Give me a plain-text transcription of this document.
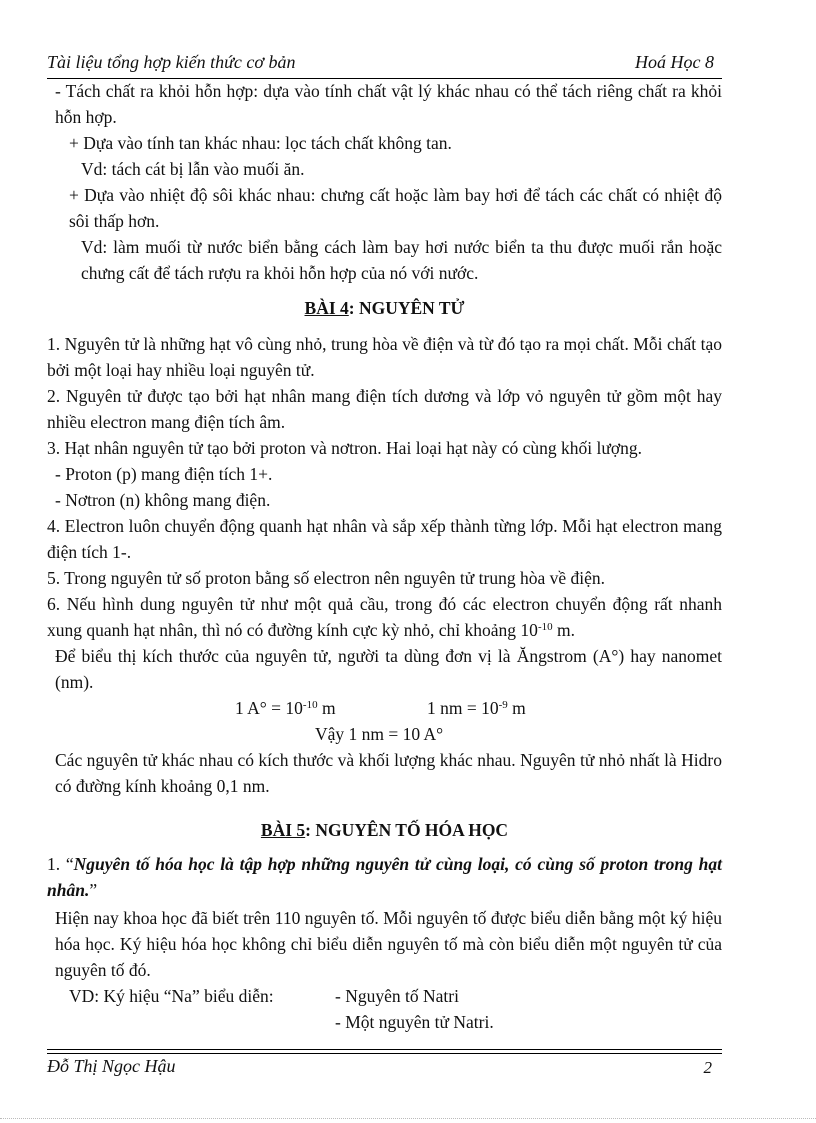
Tài liệu tổng hợp kiến thức cơ bản	Hoá Học 8

- Tách chất ra khỏi hỗn hợp: dựa vào tính chất vật lý khác nhau có thể tách riêng chất ra khỏi hỗn hợp.

+ Dựa vào tính tan khác nhau: lọc tách chất không tan.

Vd: tách cát bị lẫn vào muối ăn.

+ Dựa vào nhiệt độ sôi khác nhau: chưng cất hoặc làm bay hơi để tách các chất có nhiệt độ sôi thấp hơn.

Vd: làm muối từ nước biển bằng cách làm bay hơi nước biển ta thu được muối rắn hoặc chưng cất để tách rượu ra khỏi hỗn hợp của nó với nước.

BÀI 4: NGUYÊN TỬ

1. Nguyên tử là những hạt vô cùng nhỏ, trung hòa về điện và từ đó tạo ra mọi chất. Mỗi chất tạo bởi một loại hay nhiều loại nguyên tử.

2. Nguyên tử được tạo bởi hạt nhân mang điện tích dương và lớp vỏ nguyên tử gồm một hay nhiều electron mang điện tích âm.

3. Hạt nhân nguyên tử tạo bởi proton và nơtron. Hai loại hạt này có cùng khối lượng.

- Proton (p) mang điện tích 1+.

- Nơtron (n) không mang điện.

4. Electron luôn chuyển động quanh hạt nhân và sắp xếp thành từng lớp. Mỗi hạt electron mang điện tích 1-.

5. Trong nguyên tử số proton bằng số electron nên nguyên tử trung hòa về điện.

6. Nếu hình dung nguyên tử như một quả cầu, trong đó các electron chuyển động rất nhanh xung quanh hạt nhân, thì nó có đường kính cực kỳ nhỏ, chỉ khoảng $10^{-10}$ m.

Để biểu thị kích thước của nguyên tử, người ta dùng đơn vị là Ăngstrom (A°) hay nanomet (nm).

1 $A^\circ = 10^{-10}$ m	1 nm = $10^{-9}$ m

Vậy 1 nm = 10 A°

Các nguyên tử khác nhau có kích thước và khối lượng khác nhau. Nguyên tử nhỏ nhất là Hidro có đường kính khoảng 0,1 nm.

BÀI 5: NGUYÊN TỐ HÓA HỌC

1. “Nguyên tố hóa học là tập hợp những nguyên tử cùng loại, có cùng số proton trong hạt nhân.”

Hiện nay khoa học đã biết trên 110 nguyên tố. Mỗi nguyên tố được biểu diễn bằng một ký hiệu hóa học. Ký hiệu hóa học không chỉ biểu diễn nguyên tố mà còn biểu diễn một nguyên tử của nguyên tố đó.

VD: Ký hiệu “Na” biểu diễn:	- Nguyên tố Natri
- Một nguyên tử Natri.
Đỗ Thị Ngọc Hậu	2
